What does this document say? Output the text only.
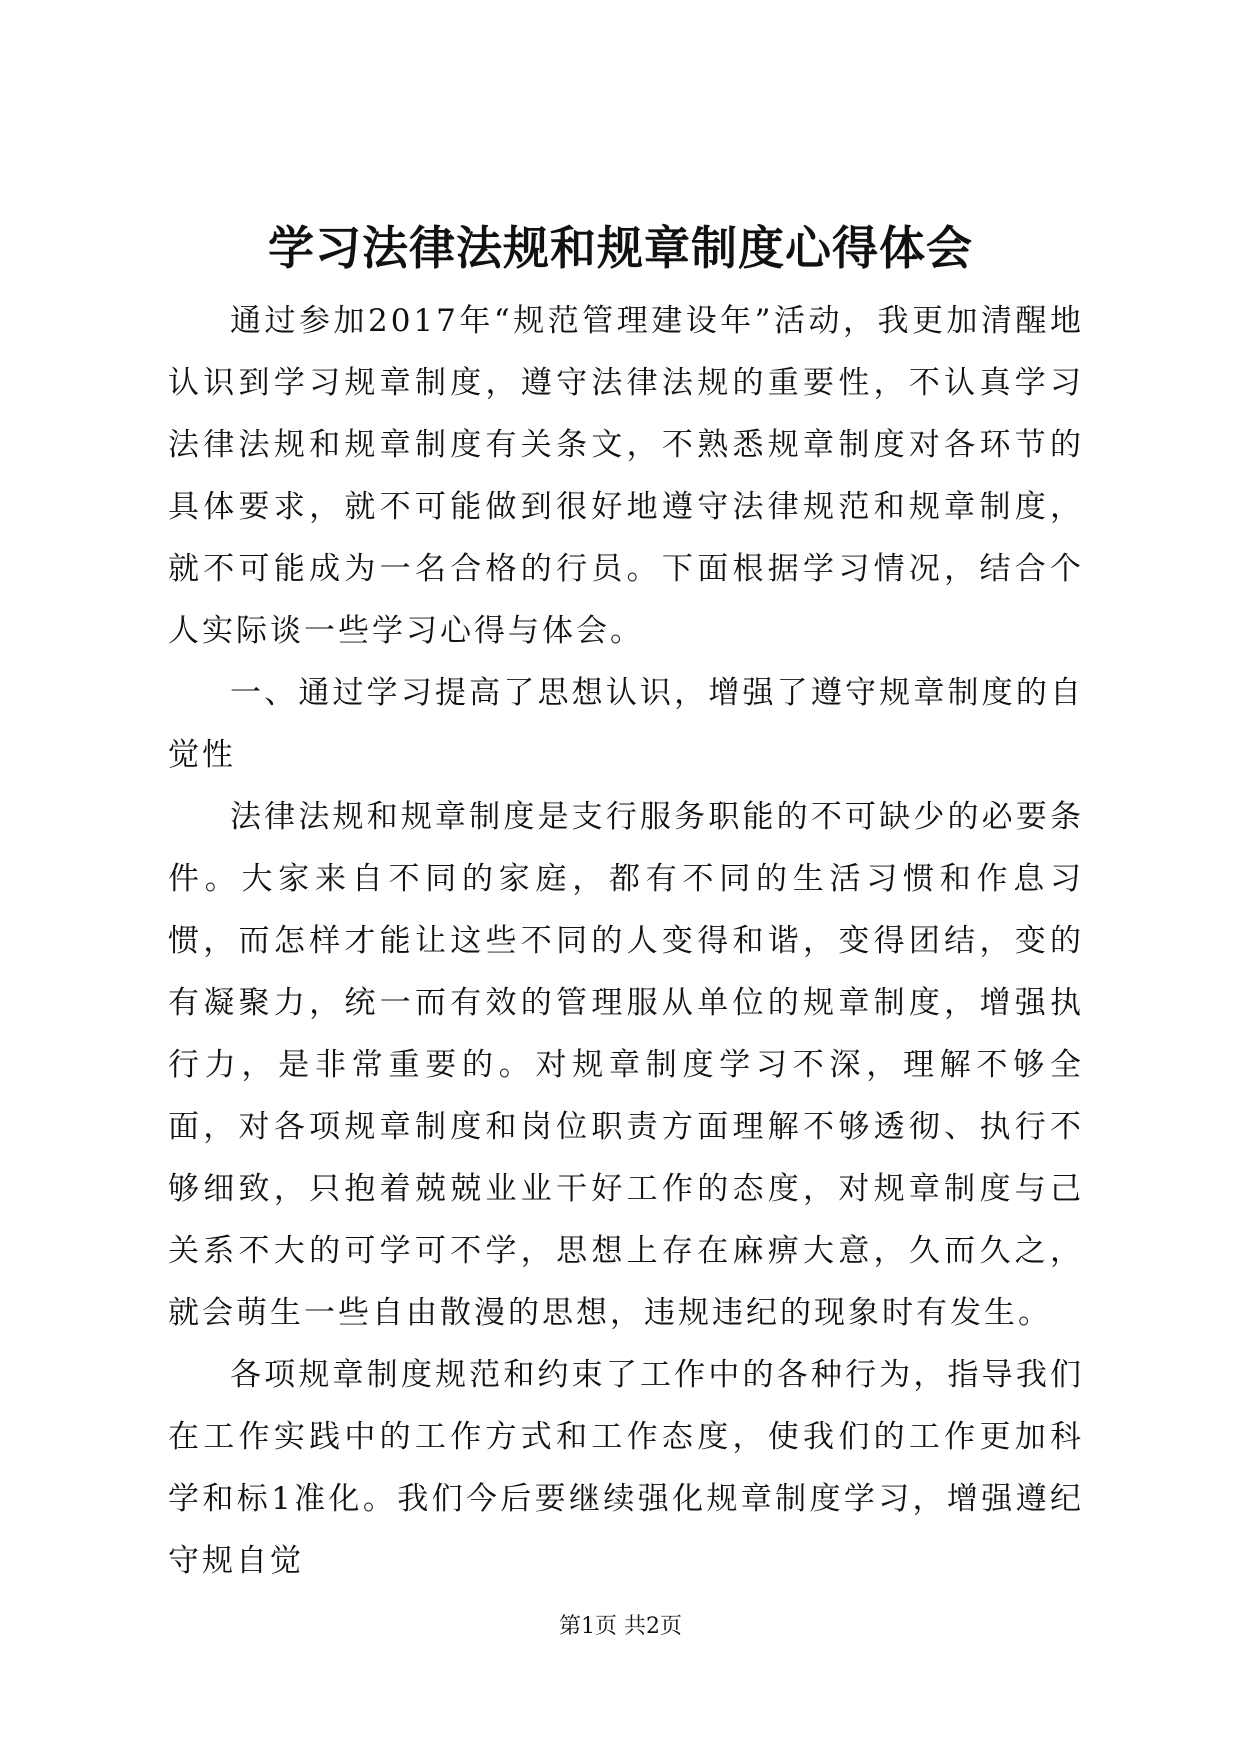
学习法律法规和规章制度心得体会

通过参加2017年“规范管理建设年”活动，我更加清醒地认识到学习规章制度，遵守法律法规的重要性，不认真学习法律法规和规章制度有关条文，不熟悉规章制度对各环节的具体要求，就不可能做到很好地遵守法律规范和规章制度，就不可能成为一名合格的行员。下面根据学习情况，结合个人实际谈一些学习心得与体会。

一、通过学习提高了思想认识，增强了遵守规章制度的自觉性

法律法规和规章制度是支行服务职能的不可缺少的必要条件。大家来自不同的家庭，都有不同的生活习惯和作息习惯，而怎样才能让这些不同的人变得和谐，变得团结，变的有凝聚力，统一而有效的管理服从单位的规章制度，增强执行力，是非常重要的。对规章制度学习不深，理解不够全面，对各项规章制度和岗位职责方面理解不够透彻、执行不够细致，只抱着兢兢业业干好工作的态度，对规章制度与己关系不大的可学可不学，思想上存在麻痹大意，久而久之，就会萌生一些自由散漫的思想，违规违纪的现象时有发生。

各项规章制度规范和约束了工作中的各种行为，指导我们在工作实践中的工作方式和工作态度，使我们的工作更加科学和标1准化。我们今后要继续强化规章制度学习，增强遵纪守规自觉

第1页 共2页
